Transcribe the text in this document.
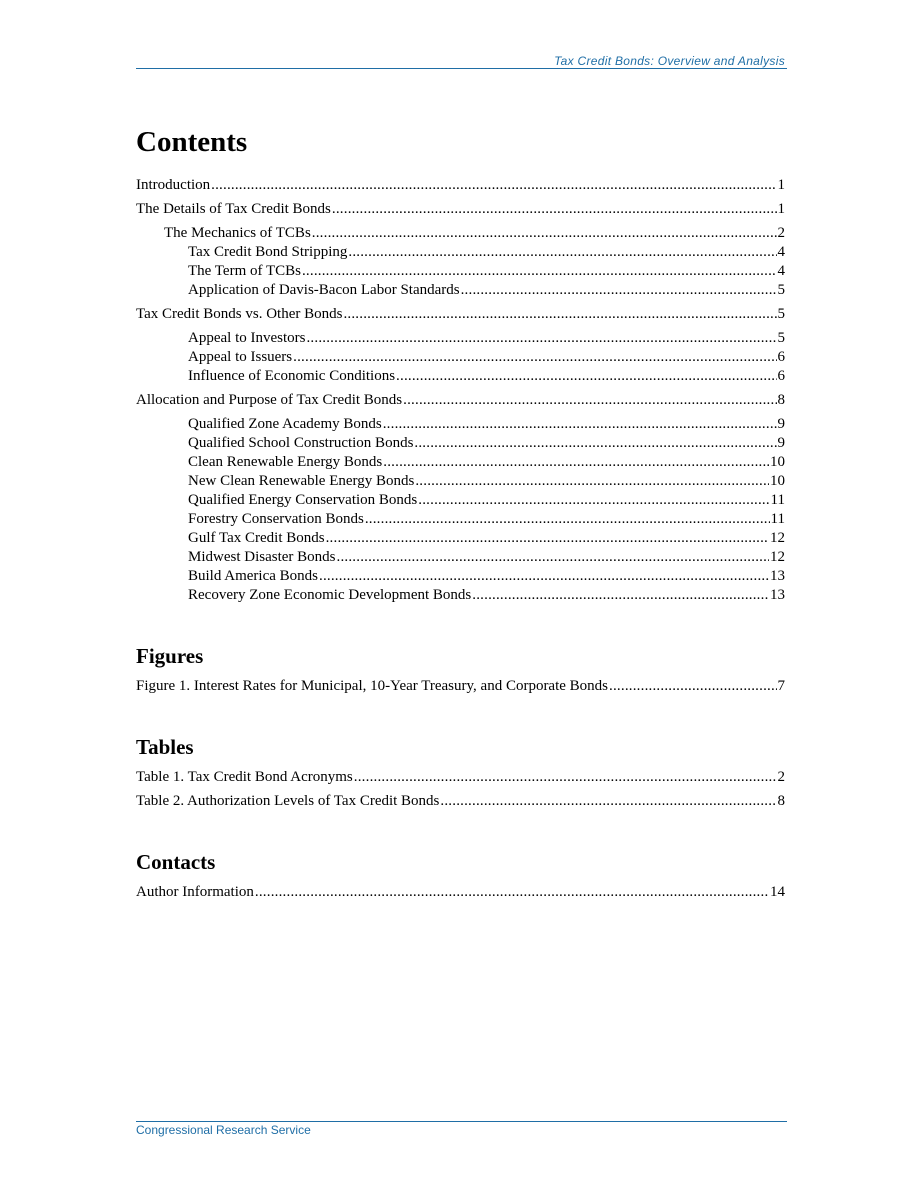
Tax Credit Bonds: Overview and Analysis
Contents
Introduction .....	1
The Details of Tax Credit Bonds .....	1
The Mechanics of TCBs .....	2
Tax Credit Bond Stripping .....	4
The Term of TCBs .....	4
Application of Davis-Bacon Labor Standards .....	5
Tax Credit Bonds vs. Other Bonds .....	5
Appeal to Investors .....	5
Appeal to Issuers .....	6
Influence of Economic Conditions .....	6
Allocation and Purpose of Tax Credit Bonds .....	8
Qualified Zone Academy Bonds .....	9
Qualified School Construction Bonds .....	9
Clean Renewable Energy Bonds .....	10
New Clean Renewable Energy Bonds .....	10
Qualified Energy Conservation Bonds .....	11
Forestry Conservation Bonds .....	11
Gulf Tax Credit Bonds .....	12
Midwest Disaster Bonds .....	12
Build America Bonds .....	13
Recovery Zone Economic Development Bonds .....	13
Figures
Figure 1. Interest Rates for Municipal, 10-Year Treasury, and Corporate Bonds .....	7
Tables
Table 1. Tax Credit Bond Acronyms .....	2
Table 2. Authorization Levels of Tax Credit Bonds .....	8
Contacts
Author Information .....	14
Congressional Research Service
